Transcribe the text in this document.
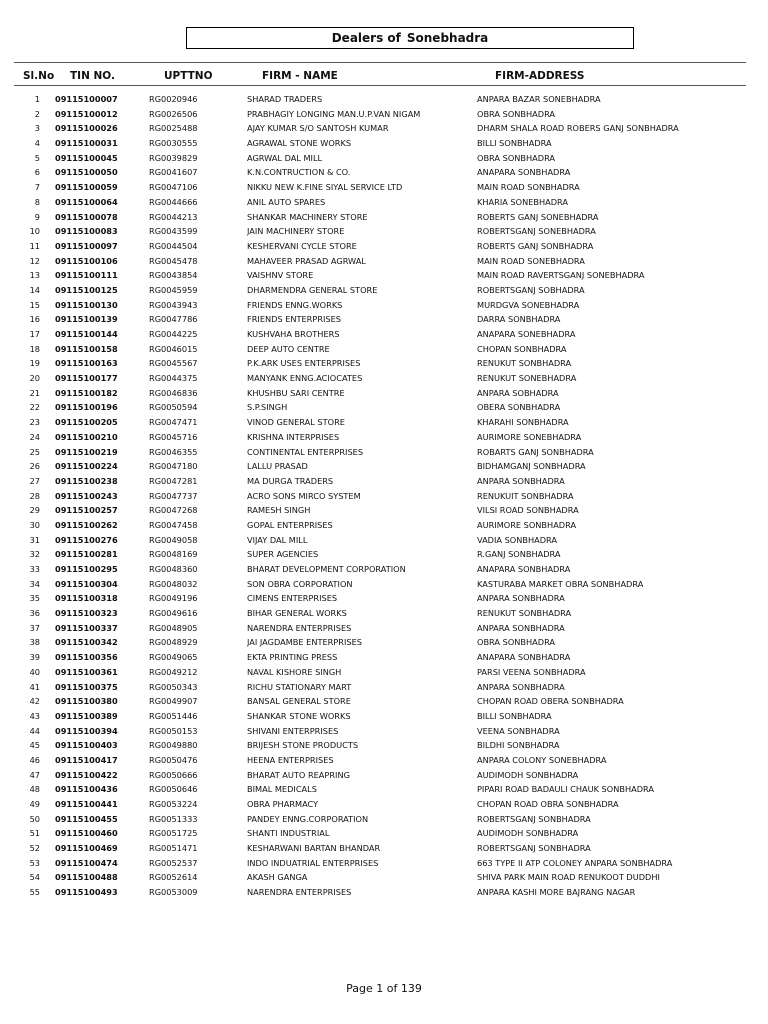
Dealers of Sonebhadra
Sl.No TIN NO.	UPTTNO	FIRM - NAME	FIRM-ADDRESS
1	09115100007	RG0020946	SHARAD TRADERS	ANPARA BAZAR SONEBHADRA
2	09115100012	RG0026506	PRABHAGIY LONGING MAN.U.P.VAN NIGAM	OBRA SONBHADRA
3	09115100026	RG0025488	AJAY KUMAR S/O SANTOSH KUMAR	DHARM SHALA ROAD ROBERS GANJ SONBHADRA
4	09115100031	RG0030555	AGRAWAL STONE WORKS	BILLI SONBHADRA
5	09115100045	RG0039829	AGRWAL DAL MILL	OBRA SONBHADRA
6	09115100050	RG0041607	K.N.CONTRUCTION & CO.	ANAPARA SONBHADRA
7	09115100059	RG0047106	NIKKU NEW K.FINE SIYAL SERVICE LTD	MAIN ROAD SONBHADRA
8	09115100064	RG0044666	ANIL AUTO SPARES	KHARIA SONEBHADRA
9	09115100078	RG0044213	SHANKAR MACHINERY STORE	ROBERTS GANJ SONEBHADRA
10	09115100083	RG0043599	JAIN MACHINERY STORE	ROBERTSGANJ SONEBHADRA
11	09115100097	RG0044504	KESHERVANI CYCLE STORE	ROBERTS GANJ SONBHADRA
12	09115100106	RG0045478	MAHAVEER PRASAD AGRWAL	MAIN ROAD SONEBHADRA
13	09115100111	RG0043854	VAISHNV STORE	MAIN ROAD RAVERTSGANJ SONEBHADRA
14	09115100125	RG0045959	DHARMENDRA GENERAL STORE	ROBERTSGANJ SOBHADRA
15	09115100130	RG0043943	FRIENDS ENNG.WORKS	MURDGVA SONEBHADRA
16	09115100139	RG0047786	FRIENDS ENTERPRISES	DARRA SONBHADRA
17	09115100144	RG0044225	KUSHVAHA BROTHERS	ANAPARA SONEBHADRA
18	09115100158	RG0046015	DEEP AUTO CENTRE	CHOPAN SONBHADRA
19	09115100163	RG0045567	P.K.ARK USES ENTERPRISES	RENUKUT SONBHADRA
20	09115100177	RG0044375	MANYANK ENNG.ACIOCATES	RENUKUT SONEBHADRA
21	09115100182	RG0046836	KHUSHBU SARI CENTRE	ANPARA SOBHADRA
22	09115100196	RG0050594	S.P.SINGH	OBERA SONBHADRA
23	09115100205	RG0047471	VINOD GENERAL STORE	KHARAHI SONBHADRA
24	09115100210	RG0045716	KRISHNA INTERPRISES	AURIMORE SONEBHADRA
25	09115100219	RG0046355	CONTINENTAL ENTERPRISES	ROBARTS GANJ SONBHADRA
26	09115100224	RG0047180	LALLU PRASAD	BIDHAMGANJ SONBHADRA
27	09115100238	RG0047281	MA DURGA TRADERS	ANPARA SONBHADRA
28	09115100243	RG0047737	ACRO SONS MIRCO SYSTEM	RENUKUIT SONBHADRA
29	09115100257	RG0047268	RAMESH SINGH	VILSI ROAD SONBHADRA
30	09115100262	RG0047458	GOPAL ENTERPRISES	AURIMORE SONBHADRA
31	09115100276	RG0049058	VIJAY DAL MILL	VADIA SONBHADRA
32	09115100281	RG0048169	SUPER AGENCIES	R.GANJ SONBHADRA
33	09115100295	RG0048360	BHARAT DEVELOPMENT CORPORATION	ANAPARA SONBHADRA
34	09115100304	RG0048032	SON OBRA CORPORATION	KASTURABA MARKET OBRA SONBHADRA
35	09115100318	RG0049196	CIMENS ENTERPRISES	ANPARA SONBHADRA
36	09115100323	RG0049616	BIHAR GENERAL WORKS	RENUKUT SONBHADRA
37	09115100337	RG0048905	NARENDRA ENTERPRISES	ANPARA SONBHADRA
38	09115100342	RG0048929	JAI JAGDAMBE ENTERPRISES	OBRA SONBHADRA
39	09115100356	RG0049065	EKTA PRINTING PRESS	ANAPARA SONBHADRA
40	09115100361	RG0049212	NAVAL KISHORE SINGH	PARSI VEENA SONBHADRA
41	09115100375	RG0050343	RICHU STATIONARY MART	ANPARA SONBHADRA
42	09115100380	RG0049907	BANSAL GENERAL STORE	CHOPAN ROAD OBERA SONBHADRA
43	09115100389	RG0051446	SHANKAR STONE WORKS	BILLI SONBHADRA
44	09115100394	RG0050153	SHIVANI ENTERPRISES	VEENA SONBHADRA
45	09115100403	RG0049880	BRIJESH STONE PRODUCTS	BILDHI SONBHADRA
46	09115100417	RG0050476	HEENA ENTERPRISES	ANPARA COLONY SONEBHADRA
47	09115100422	RG0050666	BHARAT AUTO REAPRING	AUDIMODH SONBHADRA
48	09115100436	RG0050646	BIMAL MEDICALS	PIPARI ROAD BADAULI CHAUK SONBHADRA
49	09115100441	RG0053224	OBRA PHARMACY	CHOPAN ROAD OBRA SONBHADRA
50	09115100455	RG0051333	PANDEY ENNG.CORPORATION	ROBERTSGANJ SONBHADRA
51	09115100460	RG0051725	SHANTI INDUSTRIAL	AUDIMODH SONBHADRA
52	09115100469	RG0051471	KESHARWANI BARTAN BHANDAR	ROBERTSGANJ SONBHADRA
53	09115100474	RG0052537	INDO INDUATRIAL ENTERPRISES	663 TYPE II ATP COLONEY ANPARA SONBHADRA
54	09115100488	RG0052614	AKASH GANGA	SHIVA PARK MAIN ROAD RENUKOOT DUDDHI
55	09115100493	RG0053009	NARENDRA ENTERPRISES	ANPARA KASHI MORE BAJRANG NAGAR
Page 1 of 139
